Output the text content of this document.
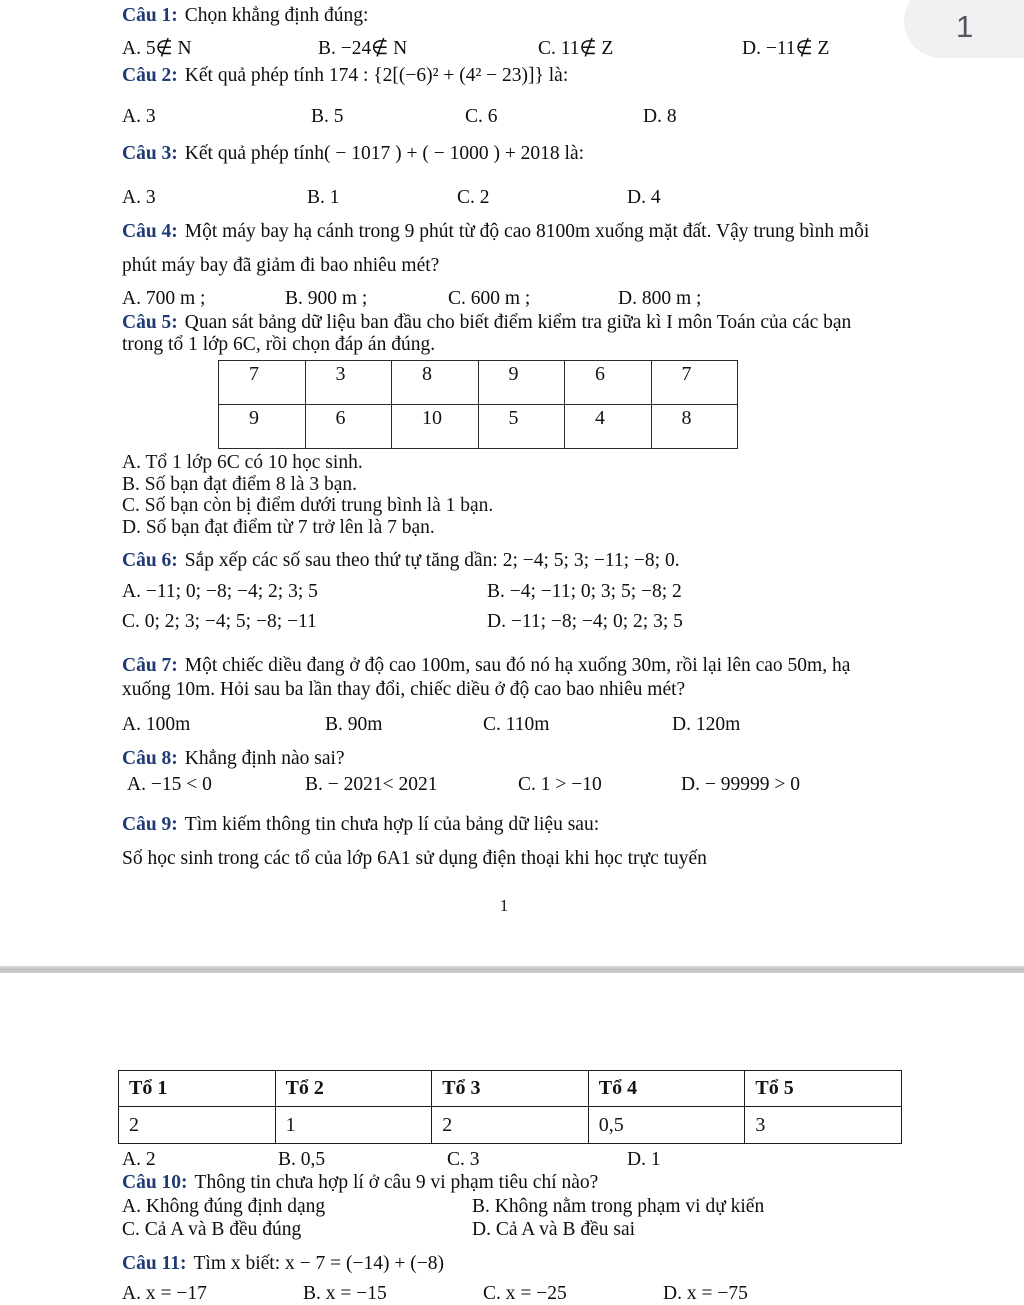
1
Câu 1: Chọn khẳng định đúng:
A. 5∉ N	B. −24∉ N	C. 11∉ Z	D. −11∉ Z
Câu 2: Kết quả phép tính 174 : {2[(−6)² + (4² − 23)]} là:
A. 3	B. 5	C. 6	D. 8
Câu 3: Kết quả phép tính( − 1017 ) + ( − 1000 ) + 2018 là:
A. 3	B. 1	C. 2	D. 4
Câu 4: Một máy bay hạ cánh trong 9 phút từ độ cao 8100m xuống mặt đất. Vậy trung bình mỗi phút máy bay đã giảm đi bao nhiêu mét?
A. 700 m ;	B. 900 m ;	C. 600 m ;	D. 800 m ;
Câu 5: Quan sát bảng dữ liệu ban đầu cho biết điểm kiểm tra giữa kì I môn Toán của các bạn trong tổ 1 lớp 6C, rồi chọn đáp án đúng.
7	3	8	9	6	7
9	6	10	5	4	8
A. Tổ 1 lớp 6C có 10 học sinh.
B. Số bạn đạt điểm 8 là 3 bạn.
C. Số bạn còn bị điểm dưới trung bình là 1 bạn.
D. Số bạn đạt điểm từ 7 trở lên là 7 bạn.
Câu 6: Sắp xếp các số sau theo thứ tự tăng dần: 2; −4; 5; 3; −11; −8; 0.
A. −11; 0; −8; −4; 2; 3; 5	B. −4; −11; 0; 3; 5; −8; 2
C. 0; 2; 3; −4; 5; −8; −11	D. −11; −8; −4; 0; 2; 3; 5
Câu 7: Một chiếc diều đang ở độ cao 100m, sau đó nó hạ xuống 30m, rồi lại lên cao 50m, hạ xuống 10m. Hỏi sau ba lần thay đổi, chiếc diều ở độ cao bao nhiêu mét?
A. 100m	B. 90m	C. 110m	D. 120m
Câu 8: Khẳng định nào sai?
A. −15 < 0	B. − 2021< 2021	C. 1 > −10	D. − 99999 > 0
Câu 9: Tìm kiếm thông tin chưa hợp lí của bảng dữ liệu sau:
Số học sinh trong các tổ của lớp 6A1 sử dụng điện thoại khi học trực tuyến
1
Tổ 1	Tổ 2	Tổ 3	Tổ 4	Tổ 5
2	1	2	0,5	3
A. 2	B. 0,5	C. 3	D. 1
Câu 10: Thông tin chưa hợp lí ở câu 9 vi phạm tiêu chí nào?
A. Không đúng định dạng	B. Không nằm trong phạm vi dự kiến
C. Cả A và B đều đúng	D. Cả A và B đều sai
Câu 11: Tìm x biết: x − 7 = (−14) + (−8)
A. x = −17	B. x = −15	C. x = −25	D. x = −75
